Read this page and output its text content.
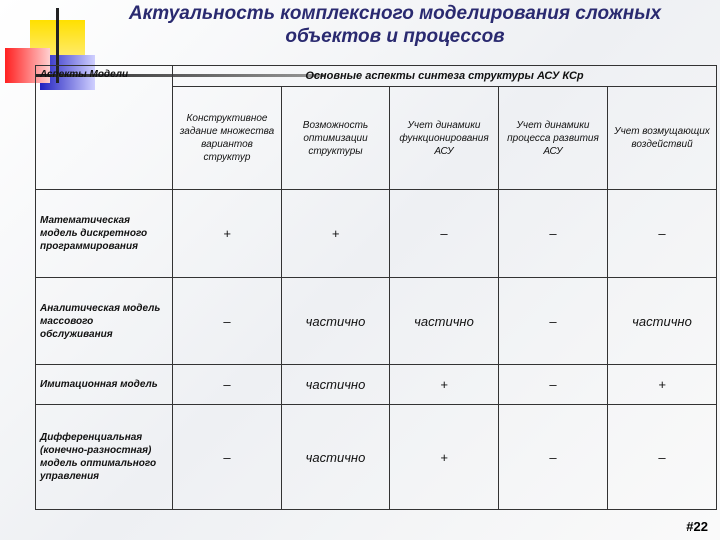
Актуальность комплексного моделирования сложных объектов и процессов
Аспекты Модели	Основные аспекты синтеза структуры АСУ КСр				
	Конструктивное задание множества вариантов структур	Возможность оптимизации структуры	Учет динамики функционирования АСУ	Учет динамики процесса развития АСУ	Учет возмущающих воздействий
Математическая модель дискретного программирования	+	+	–	–	–
Аналитическая модель массового обслуживания	–	частично	частично	–	частично
Имитационная модель	–	частично	+	–	+
Дифференциальная (конечно-разностная) модель оптимального управления	–	частично	+	–	–
#22
